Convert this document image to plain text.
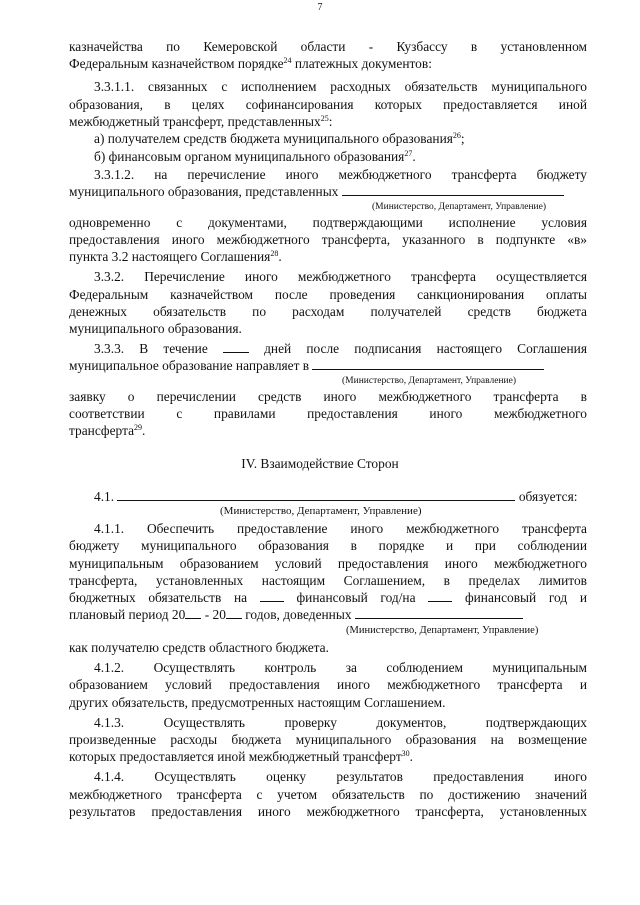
7

казначейства по Кемеровской области - Кузбассу в установленном

Федеральным казначейством порядке$^{24}$ платежных документов:

3.3.1.1. связанных с исполнением расходных обязательств муниципального

образования, в целях софинансирования которых предоставляется иной

межбюджетный трансферт, представленных$^{25}$:

а) получателем средств бюджета муниципального образования$^{26}$;

б) финансовым органом муниципального образования$^{27}$.

3.3.1.2. на перечисление иного межбюджетного трансферта бюджету

муниципального образования, представленных

(Министерство, Департамент, Управление)

одновременно с документами, подтверждающими исполнение условия

предоставления иного межбюджетного трансферта, указанного в подпункте «в»

пункта 3.2 настоящего Соглашения$^{28}$.

3.3.2. Перечисление иного межбюджетного трансферта осуществляется

Федеральным казначейством после проведения санкционирования оплаты

денежных обязательств по расходам получателей средств бюджета

муниципального образования.

3.3.3. В течение	дней после подписания настоящего Соглашения

муниципальное образование направляет в

(Министерство, Департамент, Управление)

заявку о перечислении средств иного межбюджетного трансферта в

соответствии с правилами предоставления иного межбюджетного

трансферта$^{29}$.

IV. Взаимодействие Сторон

4.1.	обязуется:

(Министерство, Департамент, Управление)

4.1.1. Обеспечить предоставление иного межбюджетного трансферта

бюджету муниципального образования в порядке и при соблюдении

муниципальным образованием условий предоставления иного межбюджетного

трансферта, установленных настоящим Соглашением, в пределах лимитов

бюджетных обязательств на	финансовый год/на	финансовый год и

плановый период 20 - 20 годов, доведенных

(Министерство, Департамент, Управление)

как получателю средств областного бюджета.

4.1.2. Осуществлять контроль за соблюдением муниципальным

образованием условий предоставления иного межбюджетного трансферта и

других обязательств, предусмотренных настоящим Соглашением.

4.1.3. Осуществлять проверку документов, подтверждающих

произведенные расходы бюджета муниципального образования на возмещение

которых предоставляется иной межбюджетный трансферт$^{30}$.

4.1.4. Осуществлять оценку результатов предоставления иного

межбюджетного трансферта с учетом обязательств по достижению значений

результатов предоставления иного межбюджетного трансферта, установленных
